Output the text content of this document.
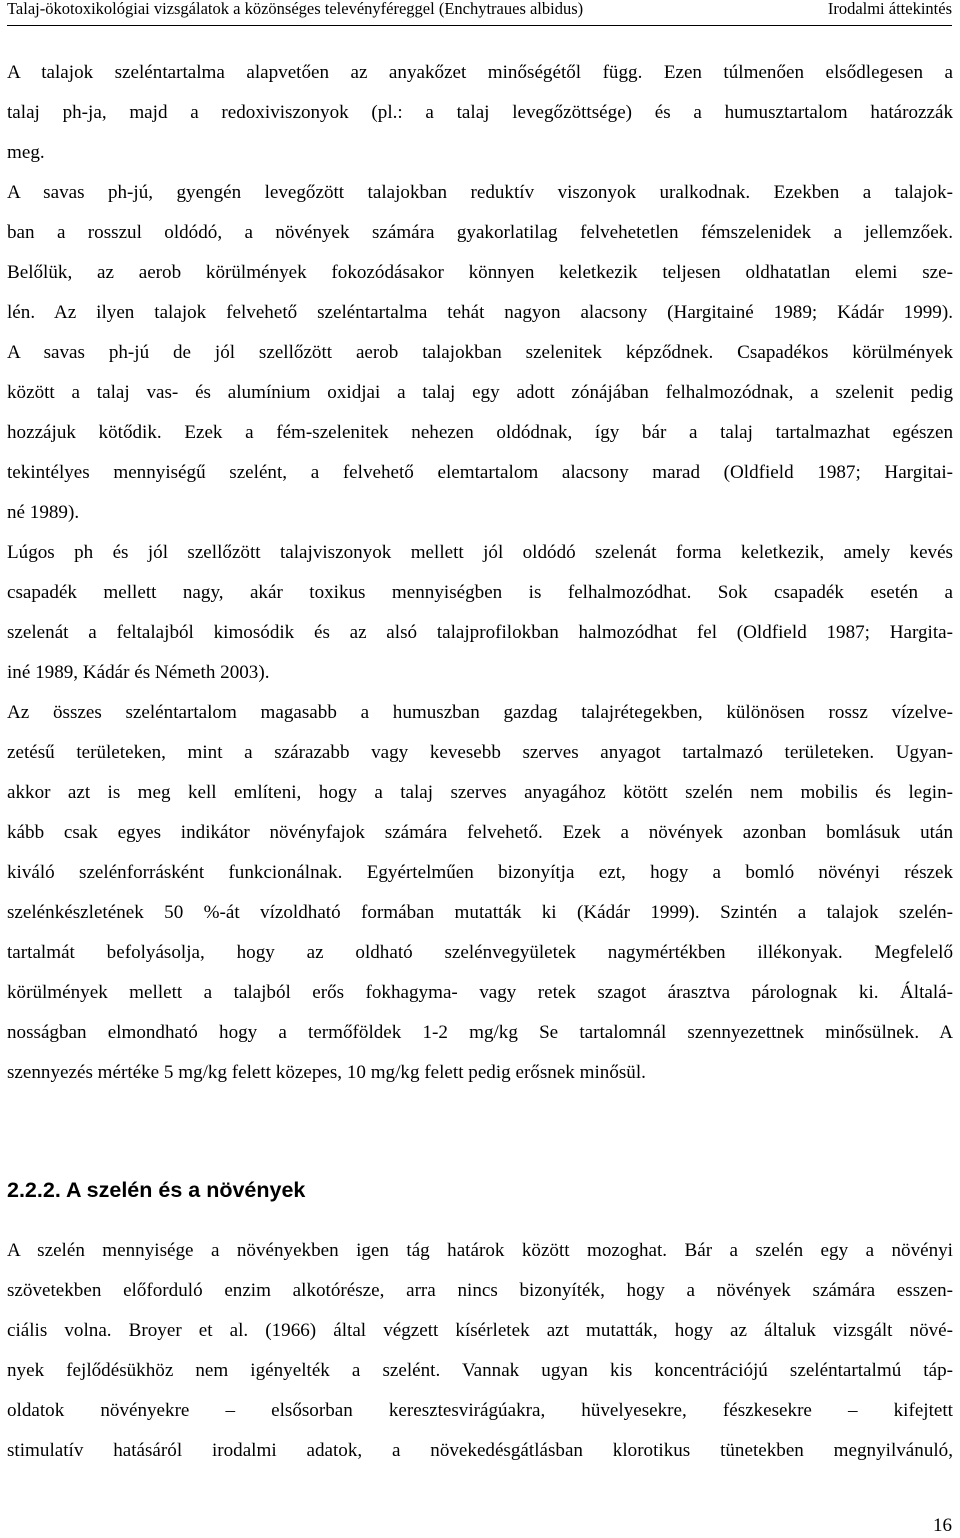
Talaj-ökotoxikológiai vizsgálatok a közönséges televényféreggel (Enchytraues albidus)	Irodalmi áttekintés
A talajok szeléntartalma alapvetően az anyakőzet minőségétől függ. Ezen túlmenően elsődlegesen a
talaj ph-ja, majd a redoxiviszonyok (pl.: a talaj levegőzöttsége) és a humusztartalom határozzák
meg.
A savas ph-jú, gyengén levegőzött talajokban reduktív viszonyok uralkodnak. Ezekben a talajok-
ban a rosszul oldódó, a növények számára gyakorlatilag felvehetetlen fémszelenidek a jellemzőek.
Belőlük, az aerob körülmények fokozódásakor könnyen keletkezik teljesen oldhatatlan elemi sze-
lén. Az ilyen talajok felvehető szeléntartalma tehát nagyon alacsony (Hargitainé 1989; Kádár 1999).
A savas ph-jú de jól szellőzött aerob talajokban szelenitek képződnek. Csapadékos körülmények
között a talaj vas- és alumínium oxidjai a talaj egy adott zónájában felhalmozódnak, a szelenit pedig
hozzájuk kötődik. Ezek a fém-szelenitek nehezen oldódnak, így bár a talaj tartalmazhat egészen
tekintélyes mennyiségű szelént, a felvehető elemtartalom alacsony marad (Oldfield 1987; Hargitai-
né 1989).
Lúgos ph és jól szellőzött talajviszonyok mellett jól oldódó szelenát forma keletkezik, amely kevés
csapadék mellett nagy, akár toxikus mennyiségben is felhalmozódhat. Sok csapadék esetén a
szelenát a feltalajból kimosódik és az alsó talajprofilokban halmozódhat fel (Oldfield 1987; Hargita-
iné 1989, Kádár és Németh 2003).
Az összes szeléntartalom magasabb a humuszban gazdag talajrétegekben, különösen rossz vízelve-
zetésű területeken, mint a szárazabb vagy kevesebb szerves anyagot tartalmazó területeken. Ugyan-
akkor azt is meg kell említeni, hogy a talaj szerves anyagához kötött szelén nem mobilis és legin-
kább csak egyes indikátor növényfajok számára felvehető. Ezek a növények azonban bomlásuk után
kiváló szelénforrásként funkcionálnak. Egyértelműen bizonyítja ezt, hogy a bomló növényi részek
szelénkészletének 50 %-át vízoldható formában mutatták ki (Kádár 1999). Szintén a talajok szelén-
tartalmát befolyásolja, hogy az oldható szelénvegyületek nagymértékben illékonyak. Megfelelő
körülmények mellett a talajból erős fokhagyma- vagy retek szagot árasztva párolognak ki. Általá-
nosságban elmondható hogy a termőföldek 1-2 mg/kg Se tartalomnál szennyezettnek minősülnek. A
szennyezés mértéke 5 mg/kg felett közepes, 10 mg/kg felett pedig erősnek minősül.
2.2.2. A szelén és a növények
A szelén mennyisége a növényekben igen tág határok között mozoghat. Bár a szelén egy a növényi
szövetekben előforduló enzim alkotórésze, arra nincs bizonyíték, hogy a növények számára esszen-
ciális volna. Broyer et al. (1966) által végzett kísérletek azt mutatták, hogy az általuk vizsgált növé-
nyek fejlődésükhöz nem igényelték a szelént. Vannak ugyan kis koncentrációjú szeléntartalmú táp-
oldatok növényekre – elsősorban keresztesvirágúakra, hüvelyesekre, fészkesekre – kifejtett
stimulatív hatásáról irodalmi adatok, a növekedésgátlásban klorotikus tünetekben megnyilvánuló,
16
